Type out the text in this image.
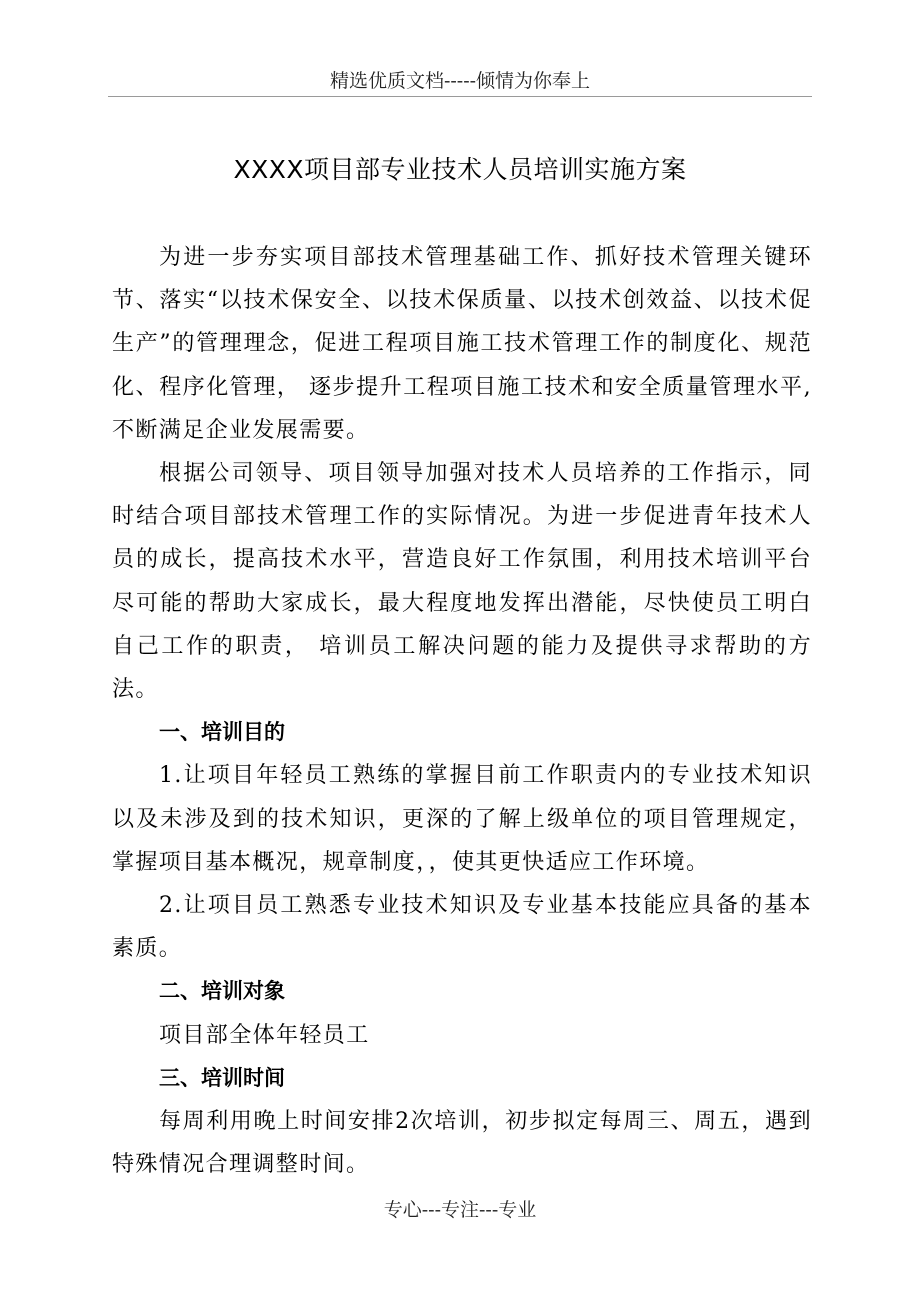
精选优质文档-----倾情为你奉上
XXXX项目部专业技术人员培训实施方案

为进一步夯实项目部技术管理基础工作、抓好技术管理关键环节、落实“以技术保安全、以技术保质量、以技术创效益、以技术促生产”的管理理念，促进工程项目施工技术管理工作的制度化、规范化、程序化管理， 逐步提升工程项目施工技术和安全质量管理水平,不断满足企业发展需要。

根据公司领导、项目领导加强对技术人员培养的工作指示，同时结合项目部技术管理工作的实际情况。为进一步促进青年技术人员的成长，提高技术水平，营造良好工作氛围，利用技术培训平台尽可能的帮助大家成长，最大程度地发挥出潜能，尽快使员工明白自己工作的职责， 培训员工解决问题的能力及提供寻求帮助的方法。

一、培训目的

1.让项目年轻员工熟练的掌握目前工作职责内的专业技术知识以及未涉及到的技术知识，更深的了解上级单位的项目管理规定，掌握项目基本概况，规章制度，，使其更快适应工作环境。

2.让项目员工熟悉专业技术知识及专业基本技能应具备的基本素质。

二、培训对象

项目部全体年轻员工

三、培训时间

每周利用晚上时间安排2次培训，初步拟定每周三、周五，遇到特殊情况合理调整时间。

专心---专注---专业
